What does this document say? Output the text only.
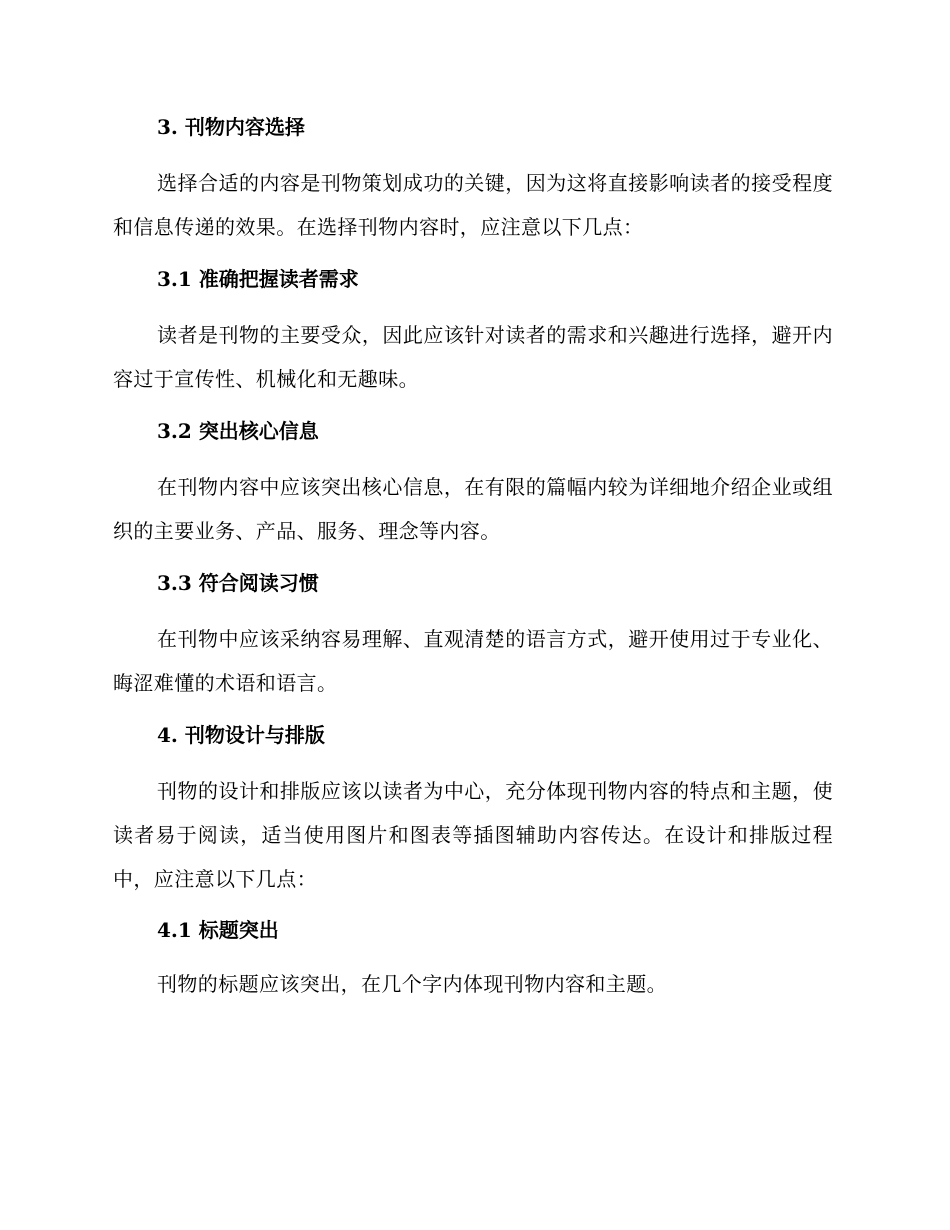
3. 刊物内容选择

选择合适的内容是刊物策划成功的关键，因为这将直接影响读者的接受程度和信息传递的效果。在选择刊物内容时，应注意以下几点：

3.1 准确把握读者需求

读者是刊物的主要受众，因此应该针对读者的需求和兴趣进行选择，避开内容过于宣传性、机械化和无趣味。

3.2 突出核心信息

在刊物内容中应该突出核心信息，在有限的篇幅内较为详细地介绍企业或组织的主要业务、产品、服务、理念等内容。

3.3 符合阅读习惯

在刊物中应该采纳容易理解、直观清楚的语言方式，避开使用过于专业化、晦涩难懂的术语和语言。

4. 刊物设计与排版

刊物的设计和排版应该以读者为中心，充分体现刊物内容的特点和主题，使读者易于阅读，适当使用图片和图表等插图辅助内容传达。在设计和排版过程中，应注意以下几点：

4.1 标题突出

刊物的标题应该突出，在几个字内体现刊物内容和主题。
